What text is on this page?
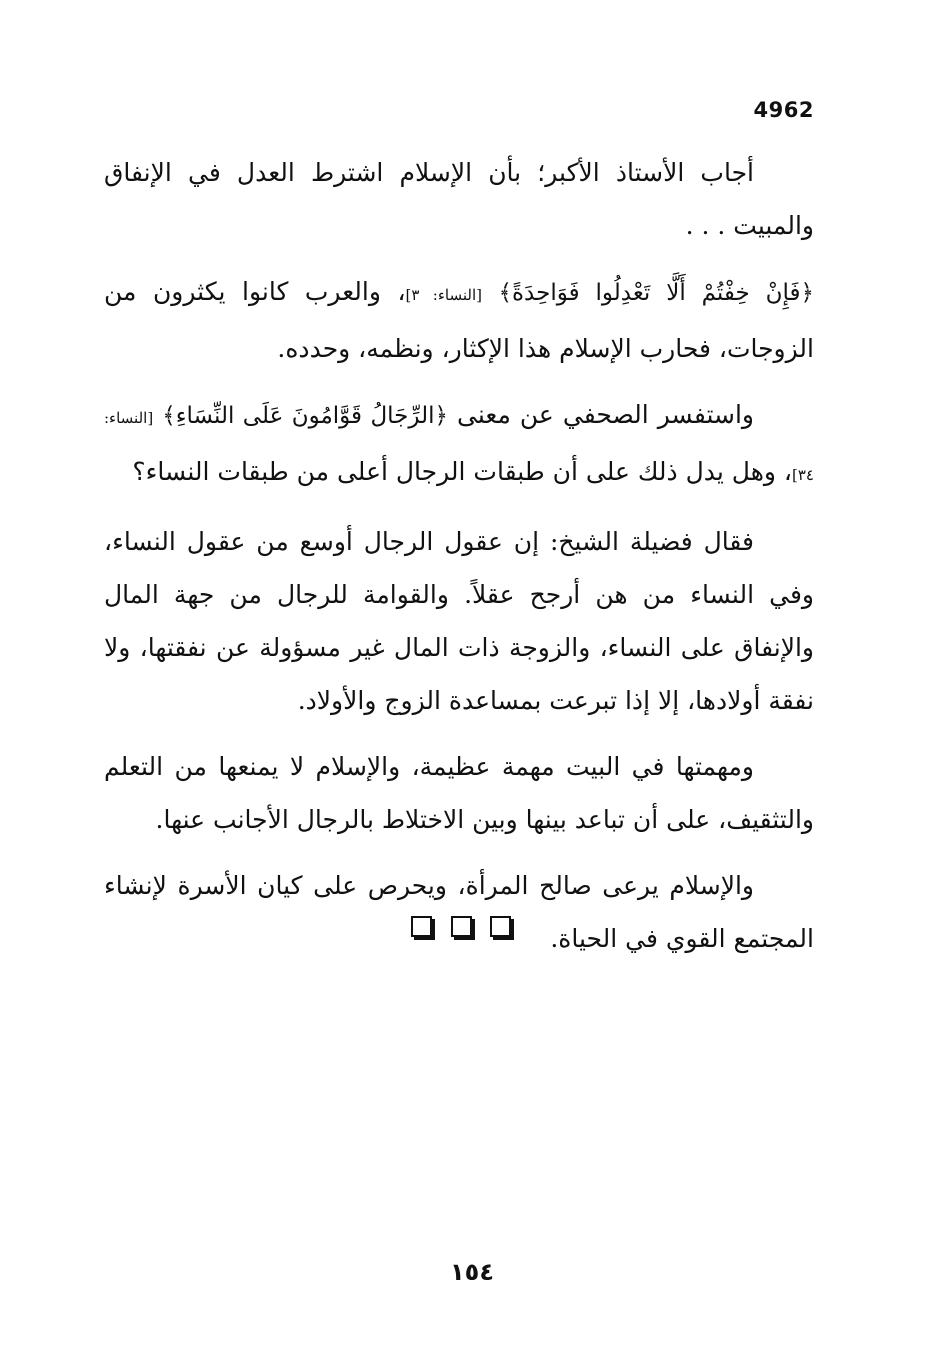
4962

أجاب الأستاذ الأكبر؛ بأن الإسلام اشترط العدل في الإنفاق والمبيت . . .

﴿فَإِنْ خِفْتُمْ أَلَّا تَعْدِلُوا فَوَاحِدَةً﴾ [النساء: ٣]، والعرب كانوا يكثرون من الزوجات، فحارب الإسلام هذا الإكثار، ونظمه، وحدده.

واستفسر الصحفي عن معنى ﴿الرِّجَالُ قَوَّامُونَ عَلَى النِّسَاءِ﴾ [النساء: ٣٤]، وهل يدل ذلك على أن طبقات الرجال أعلى من طبقات النساء؟

فقال فضيلة الشيخ: إن عقول الرجال أوسع من عقول النساء، وفي النساء من هن أرجح عقلاً. والقوامة للرجال من جهة المال والإنفاق على النساء، والزوجة ذات المال غير مسؤولة عن نفقتها، ولا نفقة أولادها، إلا إذا تبرعت بمساعدة الزوج والأولاد.

ومهمتها في البيت مهمة عظيمة، والإسلام لا يمنعها من التعلم والتثقيف، على أن تباعد بينها وبين الاختلاط بالرجال الأجانب عنها.

والإسلام يرعى صالح المرأة، ويحرص على كيان الأسرة لإنشاء المجتمع القوي في الحياة.

١٥٤
